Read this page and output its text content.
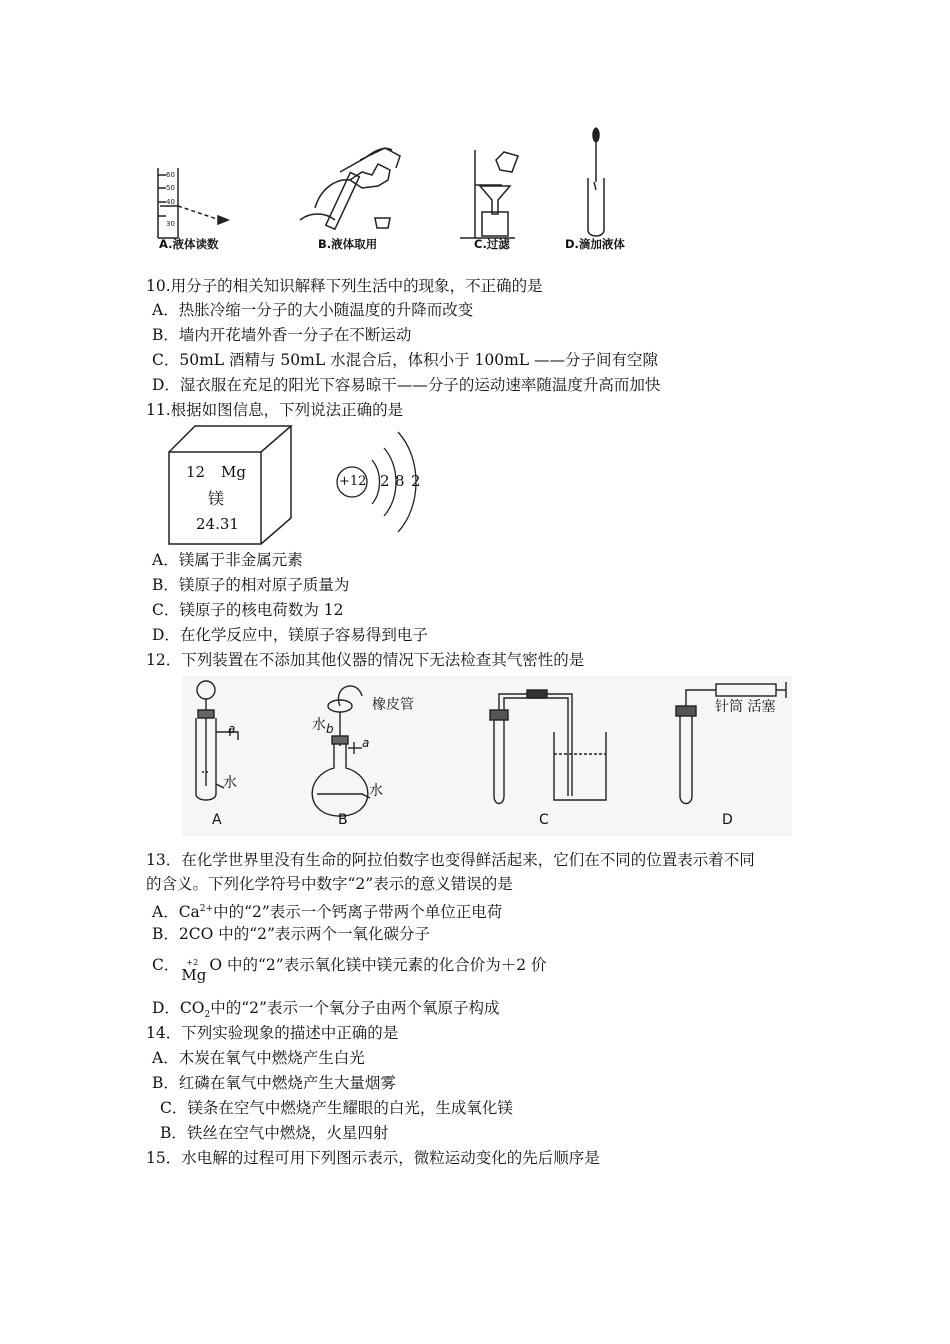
60
50
40
30
A.液体读数	B.液体取用	C.过滤	D.滴加液体
10.用分子的相关知识解释下列生活中的现象，不正确的是
A．热胀冷缩一分子的大小随温度的升降而改变
B．墙内开花墙外香一分子在不断运动
C．50mL 酒精与 50mL 水混合后，体积小于 100mL ——分子间有空隙
D．湿衣服在充足的阳光下容易晾干——分子的运动速率随温度升高而加快
11.根据如图信息，下列说法正确的是
12 Mg
镁
24.31
+12 2 8 2
A．镁属于非金属元素
B．镁原子的相对原子质量为
C．镁原子的核电荷数为 12
D．在化学反应中，镁原子容易得到电子
12．下列装置在不添加其他仪器的情况下无法检查其气密性的是
水
橡皮管
水	水
a	b
a
针筒 活塞
A	B	C	D
13．在化学世界里没有生命的阿拉伯数字也变得鲜活起来，它们在不同的位置表示着不同
的含义。下列化学符号中数字“2”表示的意义错误的是
A．$Ca^{2+}$中的“2”表示一个钙离子带两个单位正电荷
B．2CO 中的“2”表示两个一氧化碳分子
C． +2
Mg
O 中的“2”表示氧化镁中镁元素的化合价为＋2 价
D．$CO_2$中的“2”表示一个氧分子由两个氧原子构成
14．下列实验现象的描述中正确的是
A．木炭在氧气中燃烧产生白光
B．红磷在氧气中燃烧产生大量烟雾
C．镁条在空气中燃烧产生耀眼的白光，生成氧化镁
B．铁丝在空气中燃烧，火星四射
15．水电解的过程可用下列图示表示，微粒运动变化的先后顺序是
